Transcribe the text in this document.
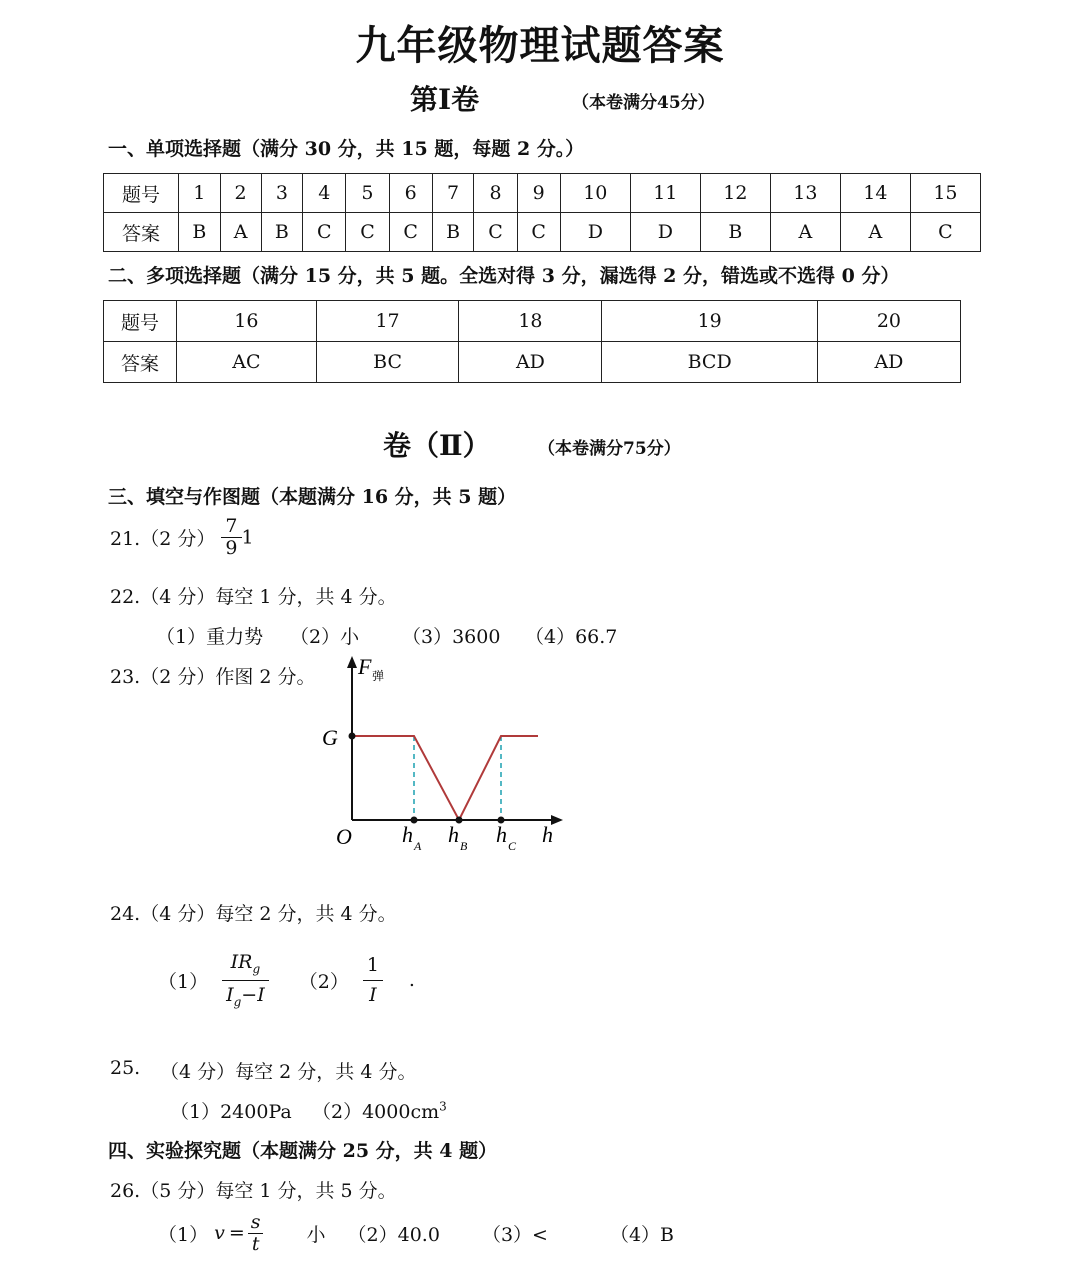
九年级物理试题答案
第Ⅰ卷	（本卷满分45分）
一、单项选择题（满分 30 分，共 15 题，每题 2 分。）
题号	1	2	3	4	5	6	7	8	9	10	11	12	13	14	15
答案	B	A	B	C	C	C	B	C	C	D	D	B	A	A	C
二、多项选择题（满分 15 分，共 5 题。全选对得 3 分，漏选得 2 分，错选或不选得 0 分）
题号	16	17	18	19	20
答案	AC	BC	AD	BCD	AD
卷（Ⅱ）	（本卷满分75分）
三、填空与作图题（本题满分 16 分，共 5 题）
21.（2 分） $\frac{7}{9} 1$
22.（4 分）每空 1 分，共 4 分。
（1）重力势 （2）小 （3）3600 （4）66.7
23.（2 分）作图 2 分。 F 弹
G
O	h
h A h B h C
24.（4 分）每空 2 分，共 4 分。
$(1) \frac{IR_g}{I_g-I} (2) \frac{1}{I}$ .
25. （4 分）每空 2 分，共 4 分。
（1）2400Pa $(2)4000cm^3$
四、实验探究题（本题满分 25 分，共 4 题）
26.（5 分）每空 1 分，共 5 分。
（1） $v = \frac{s}{t}$ 小 （2）40.0 （3）<	（4）B
